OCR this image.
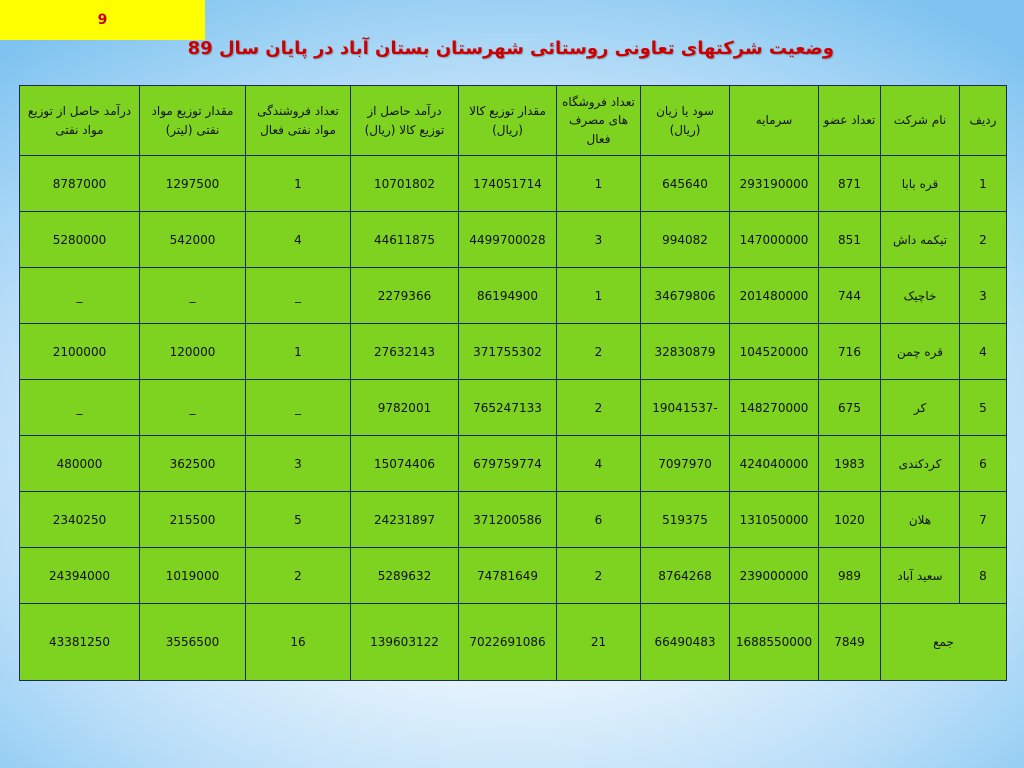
9
وضعیت شرکتهای تعاونی روستائی شهرستان بستان آباد در پایان سال 89
ردیف	نام شرکت	تعداد عضو	سرمایه	سود یا زیان (ریال)	تعداد فروشگاه های مصرف فعال	مقدار توزیع کالا (ریال)	درآمد حاصل از توزیع کالا (ریال)	تعداد فروشندگی مواد نفتی فعال	مقدار توزیع مواد نفتی (لیتر)	درآمد حاصل از توزیع مواد نفتی
1	قره بابا	871	293190000	645640	1	174051714	10701802	1	1297500	8787000
2	تیکمه داش	851	147000000	994082	3	4499700028	44611875	4	542000	5280000
3	خاچیک	744	201480000	34679806	1	86194900	2279366	_	_	_
4	قره چمن	716	104520000	32830879	2	371755302	27632143	1	120000	2100000
5	کر	675	148270000	19041537-	2	765247133	9782001	_	_	_
6	کردکندی	1983	424040000	7097970	4	679759774	15074406	3	362500	480000
7	هلان	1020	131050000	519375	6	371200586	24231897	5	215500	2340250
8	سعید آباد	989	239000000	8764268	2	74781649	5289632	2	1019000	24394000
جمع		7849	1688550000	66490483	21	7022691086	139603122	16	3556500	43381250
